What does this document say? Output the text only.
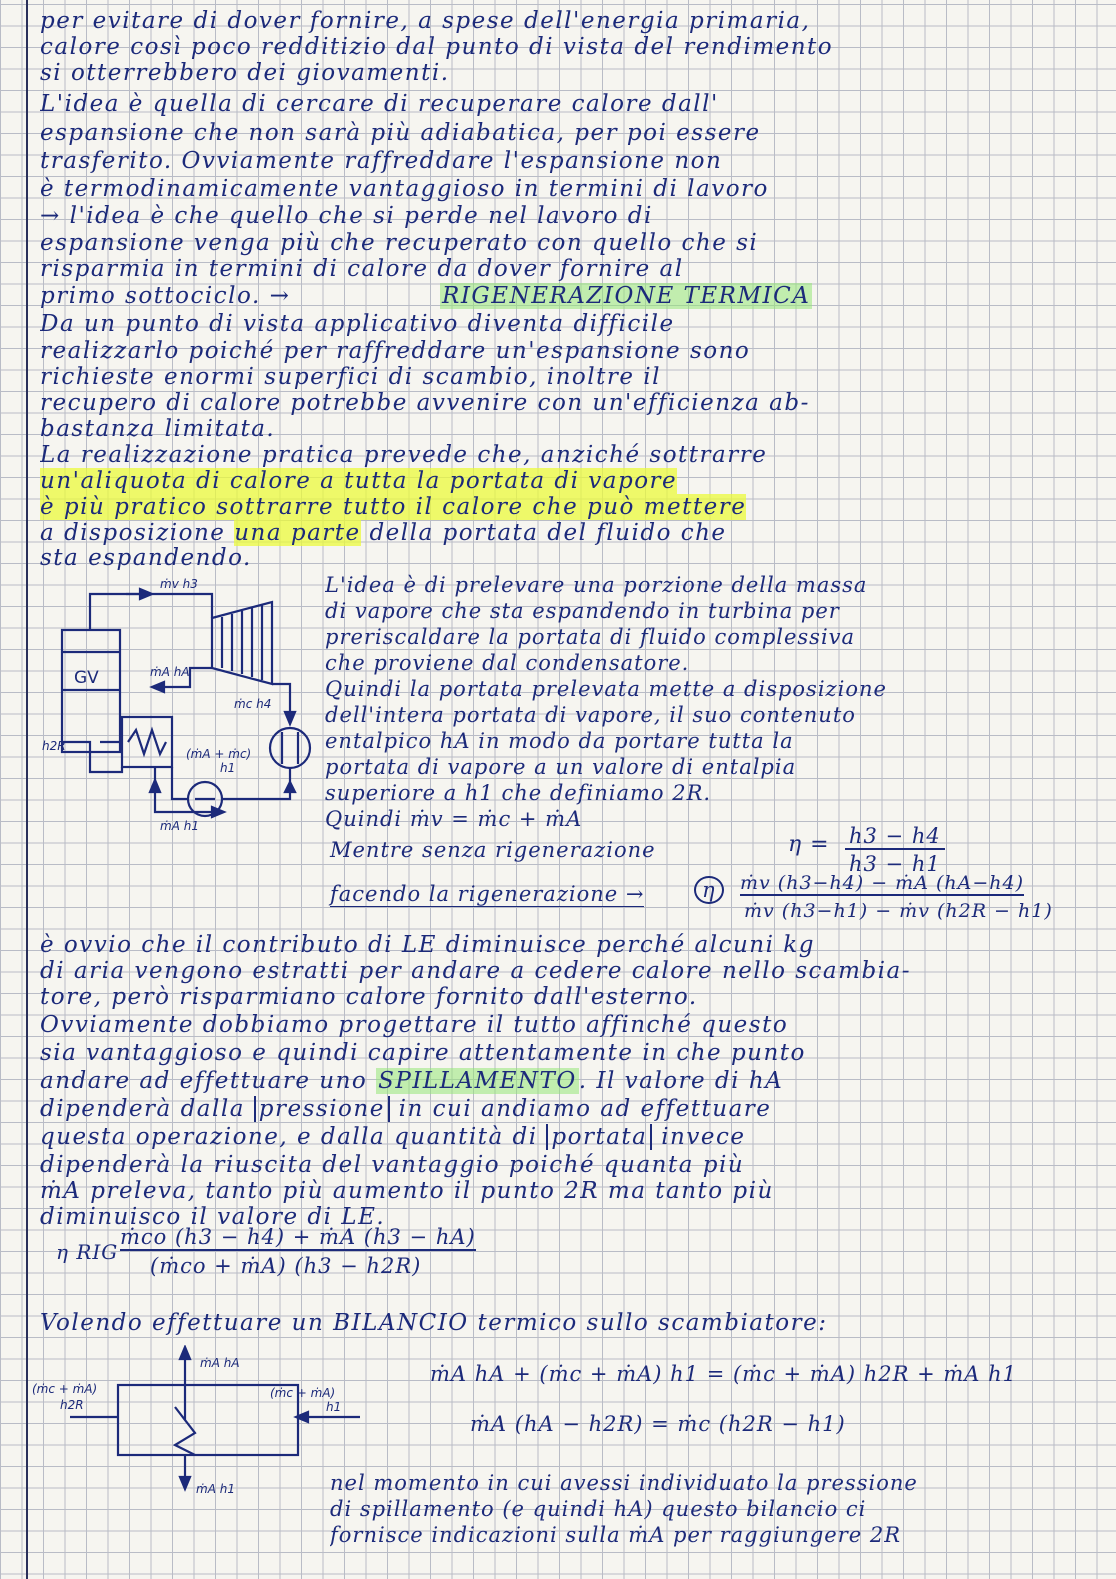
per evitare di dover fornire, a spese dell'energia primaria,
calore così poco redditizio dal punto di vista del rendimento
si otterrebbero dei giovamenti.
L'idea è quella di cercare di recuperare calore dall'
espansione che non sarà più adiabatica, per poi essere
trasferito. Ovviamente raffreddare l'espansione non
è termodinamicamente vantaggioso in termini di lavoro
→ l'idea è che quello che si perde nel lavoro di
espansione venga più che recuperato con quello che si
risparmia in termini di calore da dover fornire al
primo sottociclo. →	RIGENERAZIONE TERMICA
Da un punto di vista applicativo diventa difficile
realizzarlo poiché per raffreddare un'espansione sono
richieste enormi superfici di scambio, inoltre il
recupero di calore potrebbe avvenire con un'efficienza ab-
bastanza limitata.
La realizzazione pratica prevede che, anziché sottrarre
un'aliquota di calore a tutta la portata di vapore
è più pratico sottrarre tutto il calore che può mettere
a disposizione una parte della portata del fluido che
sta espandendo.
GV
ṁv h3
ṁA hA
ṁc h4
h2R
(ṁA + ṁc)
h1
ṁA h1
L'idea è di prelevare una porzione della massa
di vapore che sta espandendo in turbina per
preriscaldare la portata di fluido complessiva
che proviene dal condensatore.
Quindi la portata prelevata mette a disposizione
dell'intera portata di vapore, il suo contenuto
entalpico hA in modo da portare tutta la
portata di vapore a un valore di entalpia
superiore a h1 che definiamo 2R.
Quindi ṁv = ṁc + ṁA
Mentre senza rigenerazione	η = h3 − h4
h3 − h1
facendo la rigenerazione →	η	ṁv (h3−h4) − ṁA (hA−h4)
ṁv (h3−h1) − ṁv (h2R − h1)
è ovvio che il contributo di LE diminuisce perché alcuni kg
di aria vengono estratti per andare a cedere calore nello scambia-
tore, però risparmiano calore fornito dall'esterno.
Ovviamente dobbiamo progettare il tutto affinché questo
sia vantaggioso e quindi capire attentamente in che punto
andare ad effettuare uno SPILLAMENTO. Il valore di hA
dipenderà dalla pressione in cui andiamo ad effettuare
questa operazione, e dalla quantità di portata invece
dipenderà la riuscita del vantaggio poiché quanta più
ṁA preleva, tanto più aumento il punto 2R ma tanto più
diminuisco il valore di LE.
η RIG
ṁco (h3 − h4) + ṁA (h3 − hA)
(ṁco + ṁA) (h3 − h2R)
Volendo effettuare un BILANCIO termico sullo scambiatore:
ṁA hA
(ṁc + ṁA)
h2R
(ṁc + ṁA)
h1
ṁA h1
ṁA hA + (ṁc + ṁA) h1 = (ṁc + ṁA) h2R + ṁA h1
ṁA (hA − h2R) = ṁc (h2R − h1)
nel momento in cui avessi individuato la pressione
di spillamento (e quindi hA) questo bilancio ci
fornisce indicazioni sulla ṁA per raggiungere 2R
